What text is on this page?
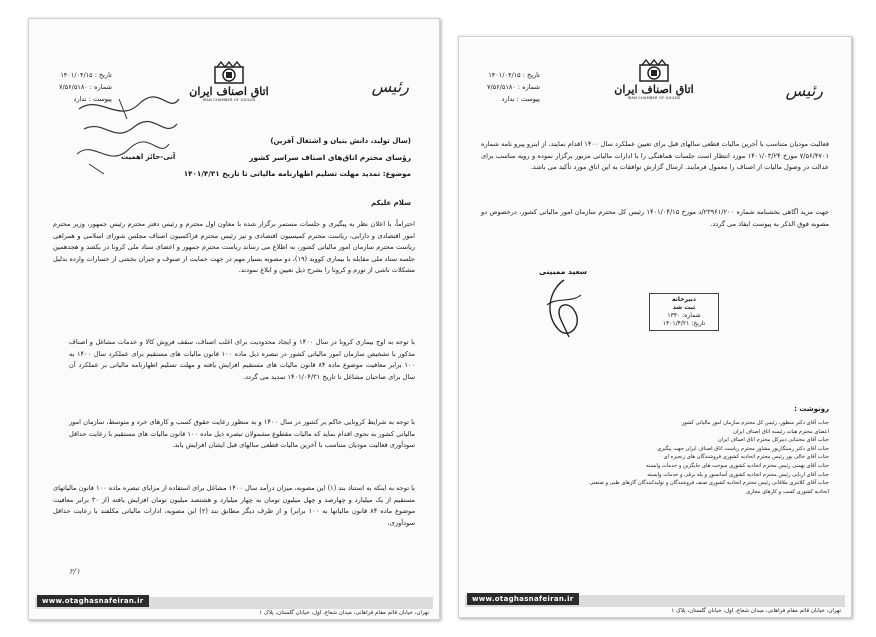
تاریخ : ۱۴۰۱/۰۴/۱۵
شماره : ۷/۵۶/۵۱۸۰
پیوست : ندارد
اتاق اصناف ایران
IRAN CHAMBER OF GUILDS
رئیس
(سال تولید، دانش بنیان و اشتغال آفرین)
رؤسای محترم اتاق‌های اصناف سراسر کشور
آنی-حائز اهمیت
موضوع: تمدید مهلت تسلیم اظهارنامه مالیاتی تا تاریخ ۱۴۰۱/۴/۳۱
سلام علیکم
احتراماً، با اعلان نظر به پیگیری و جلسات مستمر برگزار شده با معاون اول محترم و رئیس دفتر محترم رئیس جمهور، وزیر محترم امور اقتصادی و دارایی، ریاست محترم کمیسیون اقتصادی و نیز رئیس محترم فراکسیون اصناف مجلس شورای اسلامی و همراهی ریاست محترم سازمان امور مالیاتی کشور، به اطلاع می رساند ریاست محترم جمهور و اعضای ستاد ملی کرونا در یکصد و هجدهمین جلسه ستاد ملی مقابله با بیماری کووید (۱۹)، دو مصوبه بسیار مهم در جهت حمایت از صنوف و جبران بخشی از خسارات وارده بدلیل مشکلات ناشی از تورم و کرونا را بشرح ذیل تعیین و ابلاغ نمودند.
با توجه به اوج بیماری کرونا در سال ۱۴۰۰ و ایجاد محدودیت برای اغلب اصناف، سقف فروش کالا و خدمات مشاغل و اصناف مذکور با تشخیص سازمان امور مالیاتی کشور در تبصره ذیل ماده ۱۰۰ قانون مالیات های مستقیم برای عملکرد سال ۱۴۰۰ به ۱۰۰ برابر معافیت موضوع ماده ۸۴ قانون مالیات های مستقیم افزایش یافته و مهلت تسلیم اظهارنامه مالیاتی بر عملکرد آن سال برای صاحبان مشاغل تا تاریخ ۱۴۰۱/۰۴/۳۱ تمدید می گردد.
با توجه به شرایط کرونایی حاکم بر کشور در سال ۱۴۰۰ و به منظور رعایت حقوق کسب و کارهای خرد و متوسط، سازمان امور مالیاتی کشور به نحوی اقدام نماید که مالیات مقطوع مشمولان تبصره ذیل ماده ۱۰۰ قانون مالیات های مستقیم با رعایت حداقل سودآوری فعالیت مودیان متناسب با آخرین مالیات قطعی سالهای قبل ایشان افزایش یابد.
با توجه به اینکه به استناد بند (۱) این مصوبه، میزان درآمد سال ۱۴۰۰ مشاغل برای استفاده از مزایای تبصره ماده ۱۰۰ قانون مالیاتهای مستقیم از یک میلیارد و چهارصد و چهل میلیون تومان به چهار میلیارد و هشتصد میلیون تومان افزایش یافته (از ۳۰ برابر معافیت موضوع ماده ۸۴ قانون مالیاتها به ۱۰۰ برابر) و از طرف دیگر مطابق بند (۲) این مصوبه، ادارات مالیاتی مکلفند با رعایت حداقل سودآوری،
۲/۱
www.otaghasnafeiran.ir
تهران، خیابان قائم مقام فراهانی، میدان شعاع، اول، خیابان گلستان، پلاک ۱
تاریخ : ۱۴۰۱/۰۴/۱۵
شماره : ۷/۵۶/۵۱۸۰
پیوست : ندارد
اتاق اصناف ایران
IRAN CHAMBER OF GUILDS	رئیس
فعالیت مودیان متناسب با آخرین مالیات قطعی سالهای قبل برای تعیین عملکرد سال ۱۴۰۰ اقدام نمایند. از اینرو پیرو نامه شماره ۷/۵۶/۴۷۰۱ مورخ ۱۴۰۱/۰۳/۲۴ موزد انتظار است جلسات هماهنگی را با ادارات مالیاتی مزبور برگزار نموده و رویه مناسب برای عدالت در وصول مالیات از اصناف را معمول فرمایند. ارسال گزارش توافقات به این اتاق مورد تأکید می باشد.
جهت مزید آگاهی بخشنامه شماره ۲۳۹۶۱/۲۰۰/د مورخ ۱۴۰۱/۰۴/۱۵ رئیس کل محترم سازمان امور مالیاتی کشور، درخصوص دو مصوبه فوق الذکر به پیوست ایفاد می گردد.
سعید ممبینی
دبیرخانه
ثبت شد
شماره: ۱۳۴۰
تاریخ: ۱۴۰۱/۴/۲۱
رونوشت :
جناب آقای دکتر منظور، رئیس کل محترم سازمان امور مالیاتی کشور
اعضای محترم هیات رئیسه اتاق اصناف ایران
جناب آقای مجتبایی دبیرکل محترم اتاق اصناف ایران
جناب آقای دکتر رستگارپور مشاور محترم ریاست اتاق اصناف ایران جهت پیگیری
جناب آقای خالی پور رئیس محترم اتحادیه کشوری فروشندگان های زنجیره ای
جناب آقای بهمنی رئیس محترم اتحادیه کشوری سوخت های جایگزین و خدمات وابسته
جناب آقای اربابی رئیس محترم اتحادیه کشوری آسانسور و پله برقی و خدمات وابسته
جناب آقای کلانتری ملاقانی رئیس محترم اتحادیه کشوری صنف فروشندگان و تولیدکنندگان گازهای طبی و صنعتی
اتحادیه کشوری کسب و کارهای مجازی
www.otaghasnafeiran.ir
تهران، خیابان قائم مقام فراهانی، میدان شعاع، اول، خیابان گلستان، پلاک ۱
